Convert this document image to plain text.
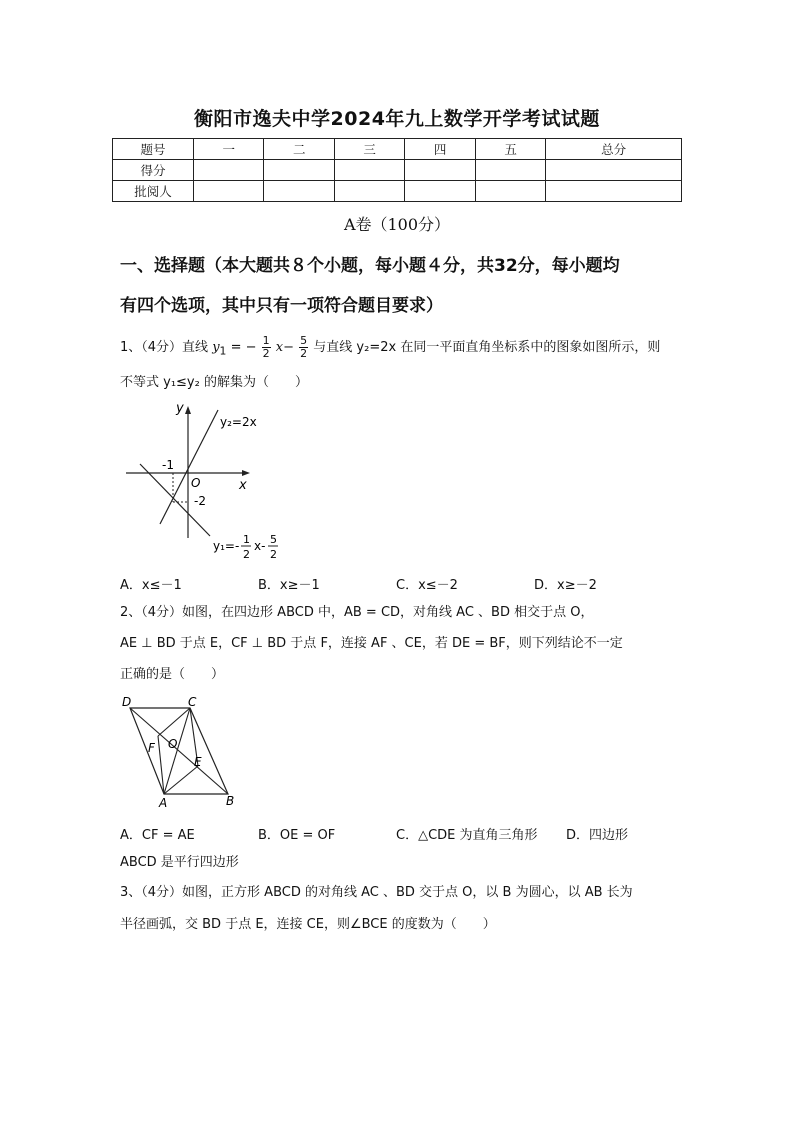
衡阳市逸夫中学2024年九上数学开学考试试题
题号	一	二	三	四	五	总分
得分						
批阅人						
A卷（100分）
一、选择题（本大题共８个小题，每小题４分，共32分，每小题均
有四个选项，其中只有一项符合题目要求）
1、（4分）直线 $y_1$ = − $\frac{1}{2} x- \frac{5}{2}$ 与直线 y₂=2x 在同一平面直角坐标系中的图象如图所示，则
不等式 y₁≤y₂ 的解集为（　　）
y
x
O
y₂=2x
-1
-2
y₁=- 1
2
x- 5
2
A．x≤－1	B．x≥－1	C．x≤－2	D．x≥－2
2、（4分）如图，在四边形 ABCD 中，AB = CD，对角线 AC 、BD 相交于点 O，
AE ⊥ BD 于点 E，CF ⊥ BD 于点 F，连接 AF 、CE，若 DE = BF，则下列结论不一定
正确的是（　　）
D	C
F O
E
A	B
A．CF = AE	B．OE = OF	C．△CDE 为直角三角形 D．四边形
ABCD 是平行四边形
3、（4分）如图，正方形 ABCD 的对角线 AC 、BD 交于点 O，以 B 为圆心，以 AB 长为
半径画弧，交 BD 于点 E，连接 CE，则∠BCE 的度数为（　　）
